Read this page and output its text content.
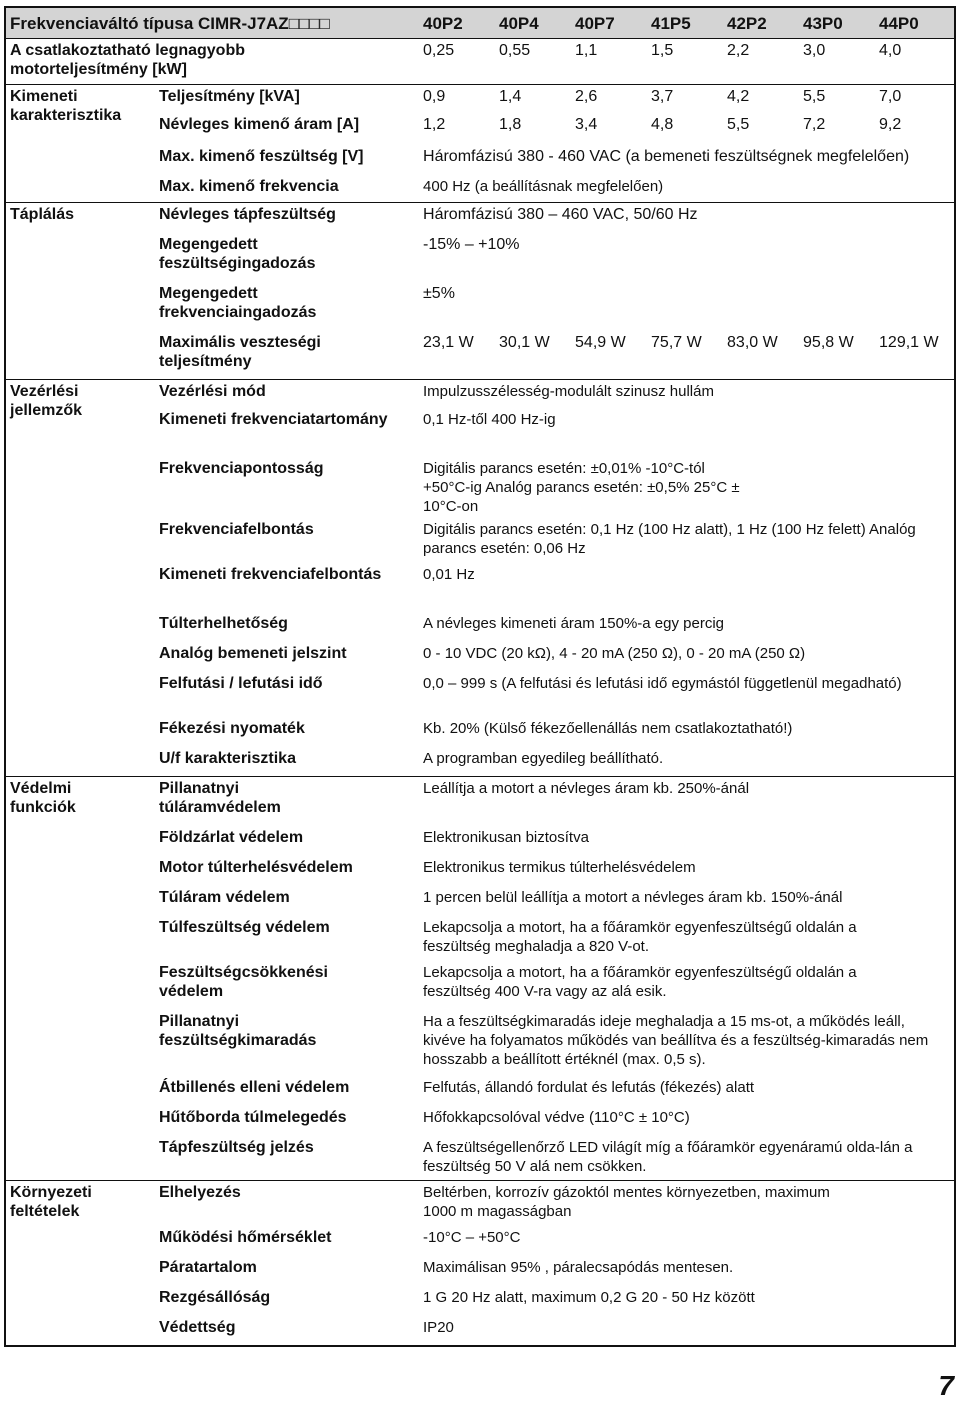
Frekvenciaváltó típusa CIMR-J7AZ□□□□		40P2	40P4	40P7	41P5	42P2	43P0	44P0
A csatlakoztatható legnagyobb motorteljesítmény [kW]		0,25	0,55	1,1	1,5	2,2	3,0	4,0
Kimeneti karakterisztika	Teljesítmény [kVA]	0,9	1,4	2,6	3,7	4,2	5,5	7,0
	Névleges kimenő áram [A]	1,2	1,8	3,4	4,8	5,5	7,2	9,2
	Max. kimenő feszültség [V]	Háromfázisú 380 - 460 VAC (a bemeneti feszültségnek megfelelően)						
	Max. kimenő frekvencia	400 Hz (a beállításnak megfelelően)						
Táplálás	Névleges tápfeszültség	Háromfázisú 380 – 460 VAC, 50/60 Hz						
	Megengedett feszültségingadozás	-15% – +10%						
	Megengedett frekvenciaingadozás	±5%						
	Maximális veszteségi teljesítmény	23,1 W	30,1 W	54,9 W	75,7 W	83,0 W	95,8 W	129,1 W
Vezérlési jellemzők	Vezérlési mód	Impulzusszélesség-modulált szinusz hullám						
	Kimeneti frekvenciatartomány	0,1 Hz-től 400 Hz-ig						
	Frekvenciapontosság	Digitális parancs esetén: ±0,01% -10°C-tól +50°C-ig Analóg parancs esetén: ±0,5% 25°C ± 10°C-on						
	Frekvenciafelbontás	Digitális parancs esetén: 0,1 Hz (100 Hz alatt), 1 Hz (100 Hz felett) Analóg parancs esetén: 0,06 Hz						
	Kimeneti frekvenciafelbontás	0,01 Hz						
	Túlterhelhetőség	A névleges kimeneti áram 150%-a egy percig						
	Analóg bemeneti jelszint	0 - 10 VDC (20 kΩ), 4 - 20 mA (250 Ω), 0 - 20 mA (250 Ω)						
	Felfutási / lefutási idő	0,0 – 999 s (A felfutási és lefutási idő egymástól függetlenül megadható)						
	Fékezési nyomaték	Kb. 20% (Külső fékezőellenállás nem csatlakoztatható!)						
	U/f karakterisztika	A programban egyedileg beállítható.						
Védelmi funkciók	Pillanatnyi túláramvédelem	Leállítja a motort a névleges áram kb. 250%-ánál						
	Földzárlat védelem	Elektronikusan biztosítva						
	Motor túlterhelésvédelem	Elektronikus termikus túlterhelésvédelem						
	Túláram védelem	1 percen belül leállítja a motort a névleges áram kb. 150%-ánál						
	Túlfeszültség védelem	Lekapcsolja a motort, ha a főáramkör egyenfeszültségű oldalán a feszültség meghaladja a 820 V-ot.						
	Feszültségcsökkenési védelem	Lekapcsolja a motort, ha a főáramkör egyenfeszültségű oldalán a feszültség 400 V-ra vagy az alá esik.						
	Pillanatnyi feszültségkimaradás	Ha a feszültségkimaradás ideje meghaladja a 15 ms-ot, a működés leáll, kivéve ha folyamatos működés van beállítva és a feszültség-kimaradás nem hosszabb a beállított értéknél (max. 0,5 s).						
	Átbillenés elleni védelem	Felfutás, állandó fordulat és lefutás (fékezés) alatt						
	Hűtőborda túlmelegedés	Hőfokkapcsolóval védve (110°C ± 10°C)						
	Tápfeszültség jelzés	A feszültségellenőrző LED világít míg a főáramkör egyenáramú olda-lán a feszültség 50 V alá nem csökken.						
Környezeti feltételek	Elhelyezés	Beltérben, korrozív gázoktól mentes környezetben, maximum 1000 m magasságban						
	Működési hőmérséklet	-10°C – +50°C						
	Páratartalom	Maximálisan 95% , páralecsapódás mentesen.						
	Rezgésállóság	1 G 20 Hz alatt, maximum 0,2 G 20 - 50 Hz között						
	Védettség	IP20						
7
